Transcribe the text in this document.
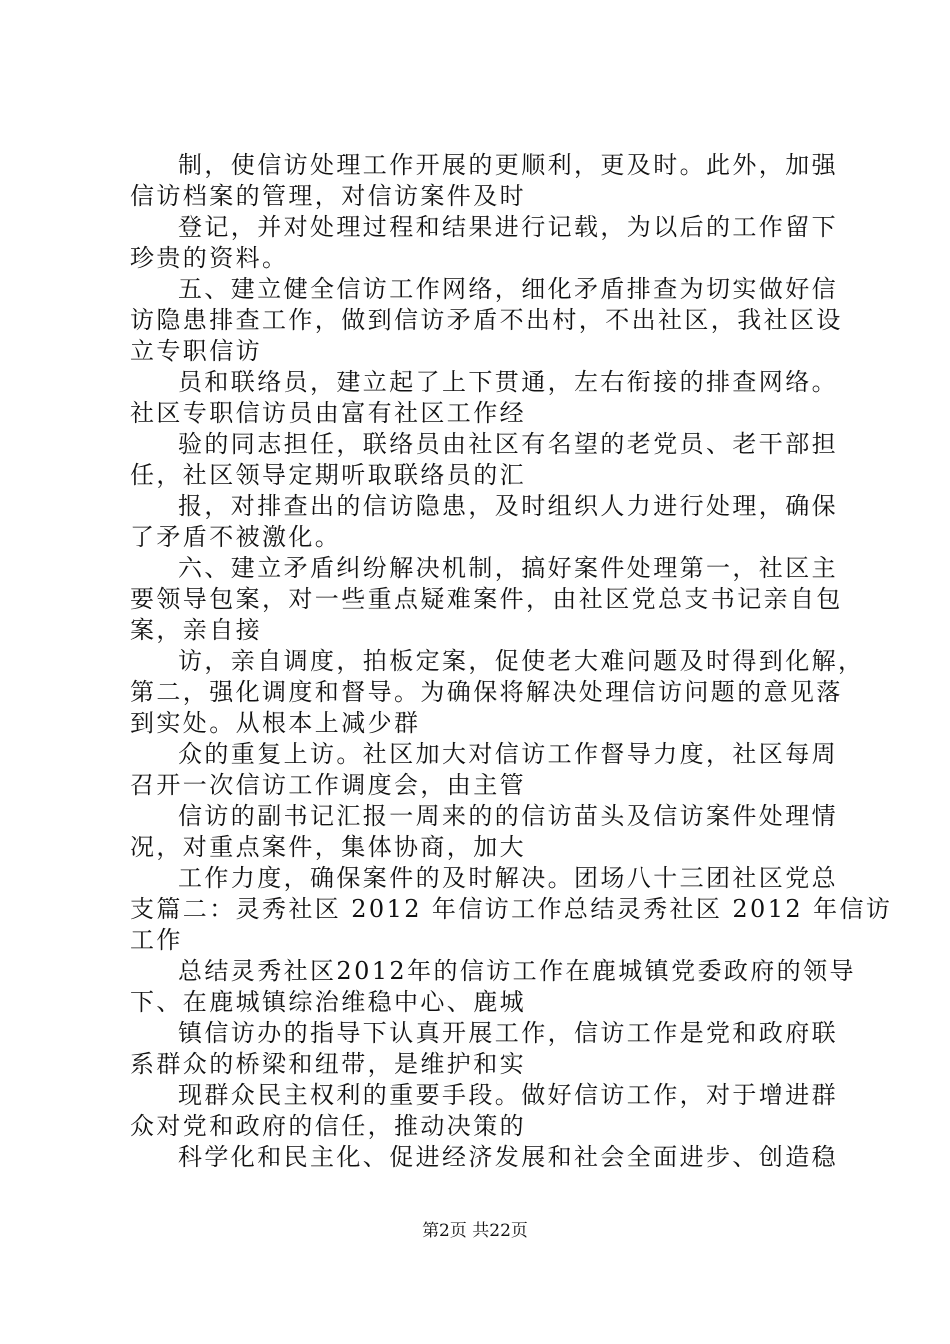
制，使信访处理工作开展的更顺利，更及时。此外，加强
信访档案的管理，对信访案件及时

登记，并对处理过程和结果进行记载，为以后的工作留下
珍贵的资料。

五、建立健全信访工作网络，细化矛盾排查为切实做好信
访隐患排查工作，做到信访矛盾不出村，不出社区，我社区设
立专职信访

员和联络员，建立起了上下贯通，左右衔接的排查网络。
社区专职信访员由富有社区工作经

验的同志担任，联络员由社区有名望的老党员、老干部担
任，社区领导定期听取联络员的汇

报，对排查出的信访隐患，及时组织人力进行处理，确保
了矛盾不被激化。

六、建立矛盾纠纷解决机制，搞好案件处理第一，社区主
要领导包案，对一些重点疑难案件，由社区党总支书记亲自包
案，亲自接

访，亲自调度，拍板定案，促使老大难问题及时得到化解，
第二，强化调度和督导。为确保将解决处理信访问题的意见落
到实处。从根本上减少群

众的重复上访。社区加大对信访工作督导力度，社区每周
召开一次信访工作调度会，由主管

信访的副书记汇报一周来的的信访苗头及信访案件处理情
况，对重点案件，集体协商，加大

工作力度，确保案件的及时解决。团场八十三团社区党总
支篇二：灵秀社区 2012 年信访工作总结灵秀社区 2012 年信访
工作

总结灵秀社区2012年的信访工作在鹿城镇党委政府的领导
下、在鹿城镇综治维稳中心、鹿城

镇信访办的指导下认真开展工作，信访工作是党和政府联
系群众的桥梁和纽带，是维护和实

现群众民主权利的重要手段。做好信访工作，对于增进群
众对党和政府的信任，推动决策的

科学化和民主化、促进经济发展和社会全面进步、创造稳

第2页 共22页
